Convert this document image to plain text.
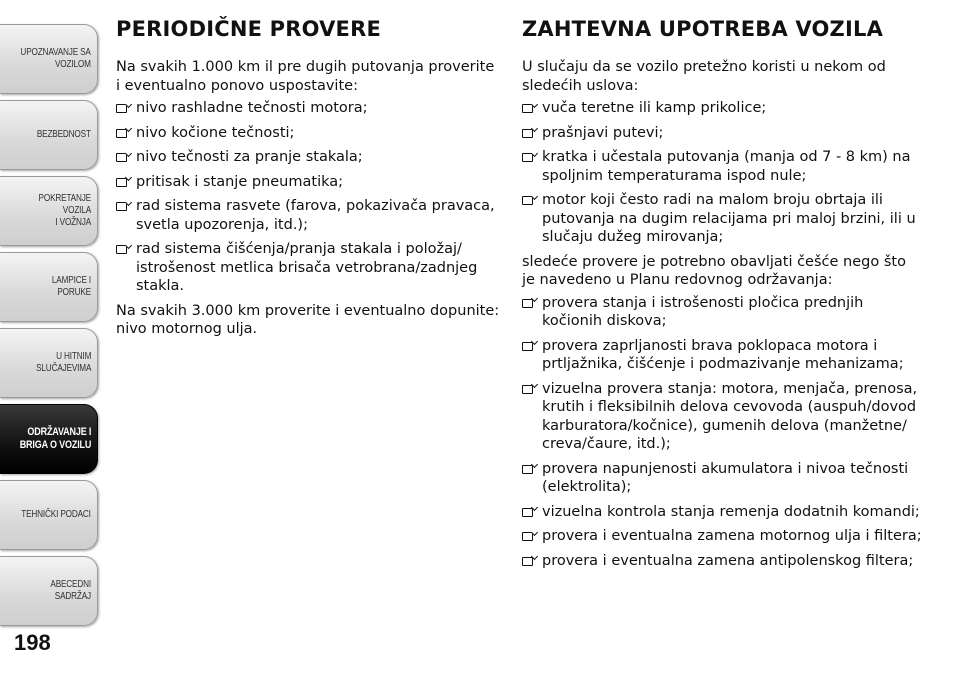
UPOZNAVANJE SA
VOZILOM
BEZBEDNOST
POKRETANJE VOZILA
I VOŽNJA
LAMPICE I PORUKE
U HITNIM
SLUČAJEVIMA
ODRŽAVANJE I
BRIGA O VOZILU
TEHNIČKI PODACI
ABECEDNI SADRŽAJ
198
PERIODIČNE PROVERE

Na svakih 1.000 km il pre dugih putovanja proverite i eventualno ponovo uspostavite:

nivo rashladne tečnosti motora;
nivo kočione tečnosti;
nivo tečnosti za pranje stakala;
pritisak i stanje pneumatika;
rad sistema rasvete (farova, pokazivača pravaca, svetla upozorenja, itd.);
rad sistema čišćenja/pranja stakala i položaj/ istrošenost metlica brisača vetrobrana/zadnjeg stakla.

Na svakih 3.000 km proverite i eventualno dopunite: nivo motornog ulja.

ZAHTEVNA UPOTREBA VOZILA

U slučaju da se vozilo pretežno koristi u nekom od sledećih uslova:

vuča teretne ili kamp prikolice;
prašnjavi putevi;
kratka i učestala putovanja (manja od 7 - 8 km) na spoljnim temperaturama ispod nule;
motor koji često radi na malom broju obrtaja ili putovanja na dugim relacijama pri maloj brzini, ili u slučaju dužeg mirovanja;

sledeće provere je potrebno obavljati češće nego što je navedeno u Planu redovnog održavanja:

provera stanja i istrošenosti pločica prednjih kočionih diskova;
provera zaprljanosti brava poklopaca motora i prtljažnika, čišćenje i podmazivanje mehanizama;
vizuelna provera stanja: motora, menjača, prenosa, krutih i fleksibilnih delova cevovoda (auspuh/dovod karburatora/kočnice), gumenih delova (manžetne/ creva/čaure, itd.);
provera napunjenosti akumulatora i nivoa tečnosti (elektrolita);
vizuelna kontrola stanja remenja dodatnih komandi;
provera i eventualna zamena motornog ulja i filtera;
provera i eventualna zamena antipolenskog filtera;
